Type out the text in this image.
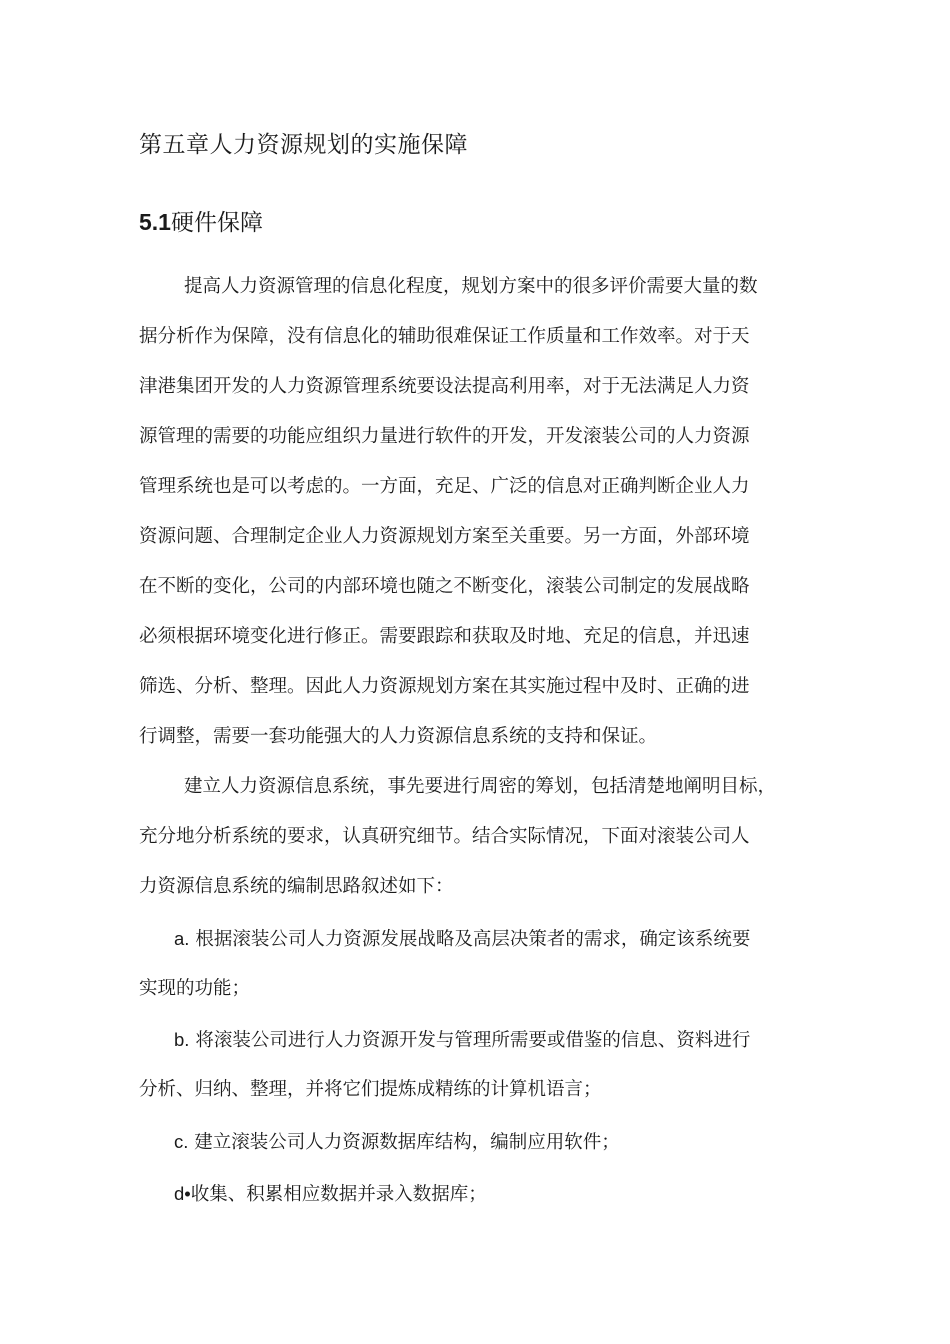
第五章人力资源规划的实施保障
5.1硬件保障
提高人力资源管理的信息化程度，规划方案中的很多评价需要大量的数
据分析作为保障，没有信息化的辅助很难保证工作质量和工作效率。对于天
津港集团开发的人力资源管理系统要设法提高利用率，对于无法满足人力资
源管理的需要的功能应组织力量进行软件的开发，开发滚装公司的人力资源
管理系统也是可以考虑的。一方面，充足、广泛的信息对正确判断企业人力
资源问题、合理制定企业人力资源规划方案至关重要。另一方面，外部环境
在不断的变化，公司的内部环境也随之不断变化，滚装公司制定的发展战略
必须根据环境变化进行修正。需要跟踪和获取及时地、充足的信息，并迅速
筛选、分析、整理。因此人力资源规划方案在其实施过程中及时、正确的进
行调整，需要一套功能强大的人力资源信息系统的支持和保证。
建立人力资源信息系统，事先要进行周密的筹划，包括清楚地阐明目标，
充分地分析系统的要求，认真研究细节。结合实际情况，下面对滚装公司人
力资源信息系统的编制思路叙述如下：
a. 根据滚装公司人力资源发展战略及高层决策者的需求，确定该系统要
实现的功能；
b. 将滚装公司进行人力资源开发与管理所需要或借鉴的信息、资料进行
分析、归纳、整理，并将它们提炼成精练的计算机语言；
c. 建立滚装公司人力资源数据库结构，编制应用软件；
d•收集、积累相应数据并录入数据库；
